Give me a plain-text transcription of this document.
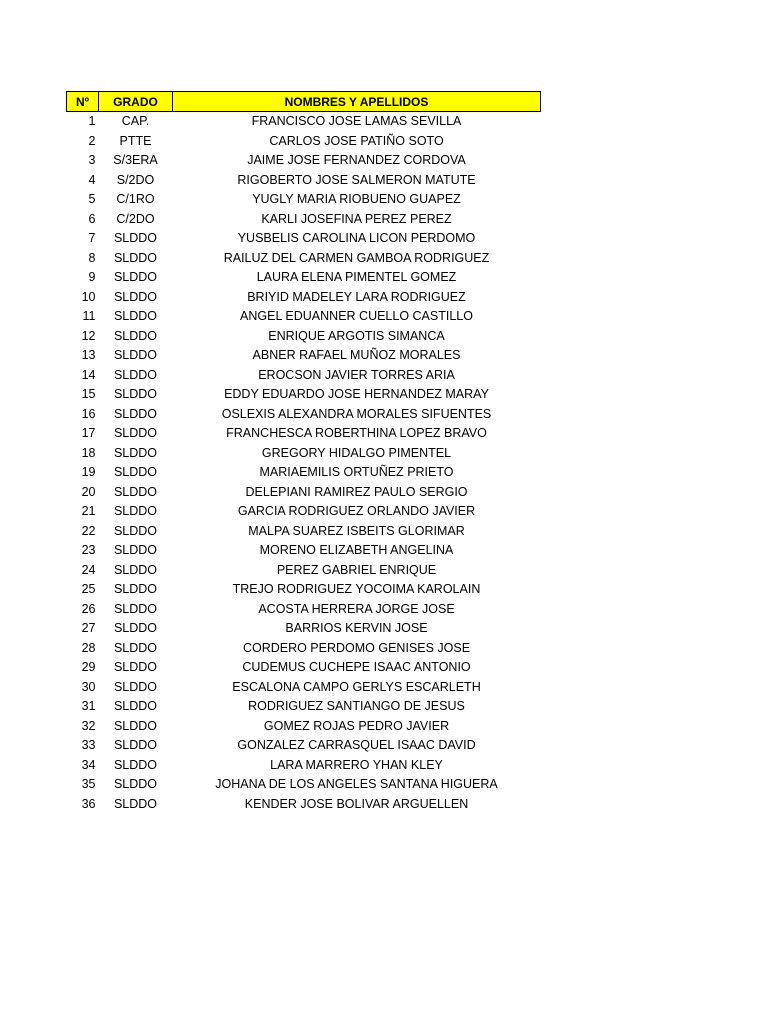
Nº	GRADO	NOMBRES Y APELLIDOS
1	CAP.	FRANCISCO JOSE LAMAS SEVILLA
2	PTTE	CARLOS JOSE PATIÑO SOTO
3	S/3ERA	JAIME JOSE FERNANDEZ CORDOVA
4	S/2DO	RIGOBERTO JOSE SALMERON MATUTE
5	C/1RO	YUGLY MARIA RIOBUENO GUAPEZ
6	C/2DO	KARLI JOSEFINA PEREZ PEREZ
7	SLDDO	YUSBELIS CAROLINA LICON PERDOMO
8	SLDDO	RAILUZ DEL CARMEN GAMBOA RODRIGUEZ
9	SLDDO	LAURA ELENA PIMENTEL GOMEZ
10	SLDDO	BRIYID MADELEY LARA RODRIGUEZ
11	SLDDO	ANGEL EDUANNER CUELLO CASTILLO
12	SLDDO	ENRIQUE ARGOTIS SIMANCA
13	SLDDO	ABNER RAFAEL MUÑOZ MORALES
14	SLDDO	EROCSON JAVIER TORRES ARIA
15	SLDDO	EDDY EDUARDO JOSE HERNANDEZ MARAY
16	SLDDO	OSLEXIS ALEXANDRA MORALES SIFUENTES
17	SLDDO	FRANCHESCA ROBERTHINA LOPEZ BRAVO
18	SLDDO	GREGORY HIDALGO PIMENTEL
19	SLDDO	MARIAEMILIS ORTUÑEZ PRIETO
20	SLDDO	DELEPIANI RAMIREZ PAULO SERGIO
21	SLDDO	GARCIA RODRIGUEZ ORLANDO JAVIER
22	SLDDO	MALPA SUAREZ ISBEITS GLORIMAR
23	SLDDO	MORENO ELIZABETH ANGELINA
24	SLDDO	PEREZ GABRIEL ENRIQUE
25	SLDDO	TREJO RODRIGUEZ YOCOIMA KAROLAIN
26	SLDDO	ACOSTA HERRERA JORGE JOSE
27	SLDDO	BARRIOS KERVIN JOSE
28	SLDDO	CORDERO PERDOMO GENISES JOSE
29	SLDDO	CUDEMUS CUCHEPE ISAAC ANTONIO
30	SLDDO	ESCALONA CAMPO GERLYS ESCARLETH
31	SLDDO	RODRIGUEZ SANTIANGO DE JESUS
32	SLDDO	GOMEZ ROJAS PEDRO JAVIER
33	SLDDO	GONZALEZ CARRASQUEL ISAAC DAVID
34	SLDDO	LARA MARRERO YHAN KLEY
35	SLDDO	JOHANA DE LOS ANGELES SANTANA HIGUERA
36	SLDDO	KENDER JOSE BOLIVAR ARGUELLEN
